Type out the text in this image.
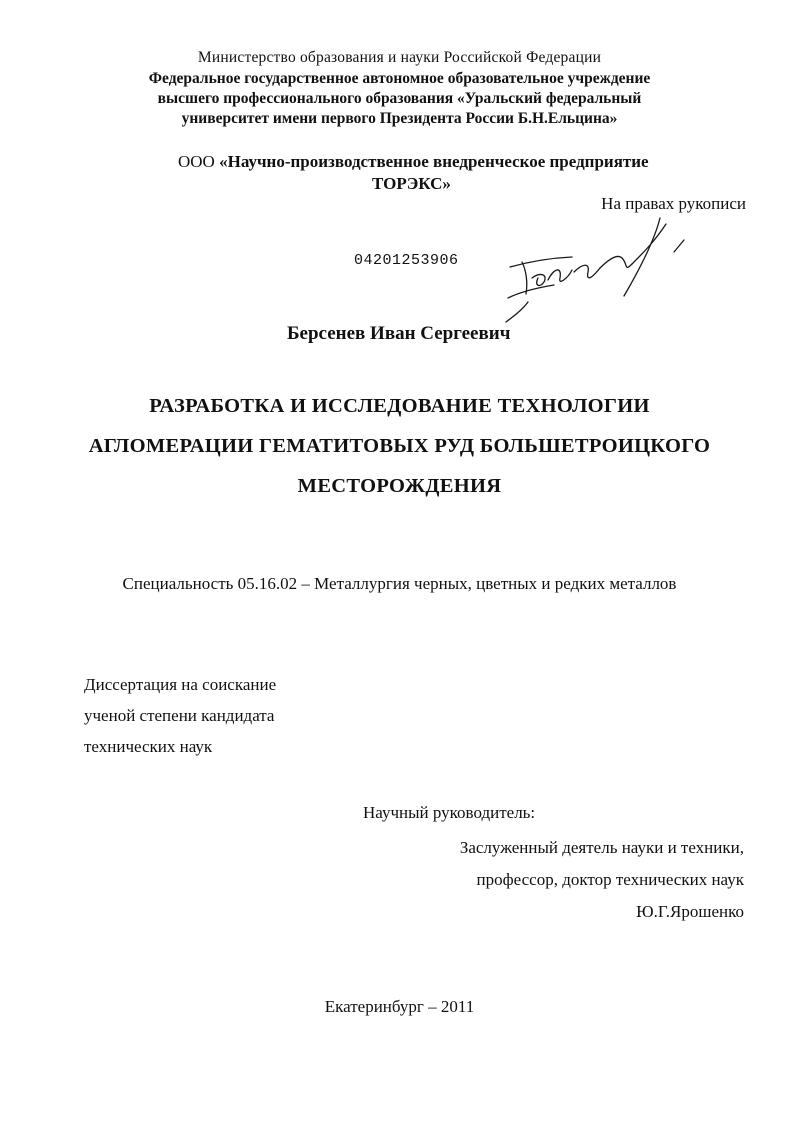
Министерство образования и науки Российской Федерации
Федеральное государственное автономное образовательное учреждение
высшего профессионального образования «Уральский федеральный
университет имени первого Президента России Б.Н.Ельцина»
ООО «Научно-производственное внедренческое предприятие
ТОРЭКС»
На правах рукописи
04201253906
Берсенев Иван Сергеевич
РАЗРАБОТКА И ИССЛЕДОВАНИЕ ТЕХНОЛОГИИ
АГЛОМЕРАЦИИ ГЕМАТИТОВЫХ РУД БОЛЬШЕТРОИЦКОГО
МЕСТОРОЖДЕНИЯ
Специальность 05.16.02 – Металлургия черных, цветных и редких металлов
Диссертация на соискание
ученой степени кандидата
технических наук
Научный руководитель:
Заслуженный деятель науки и техники,
профессор, доктор технических наук
Ю.Г.Ярошенко
Екатеринбург – 2011
